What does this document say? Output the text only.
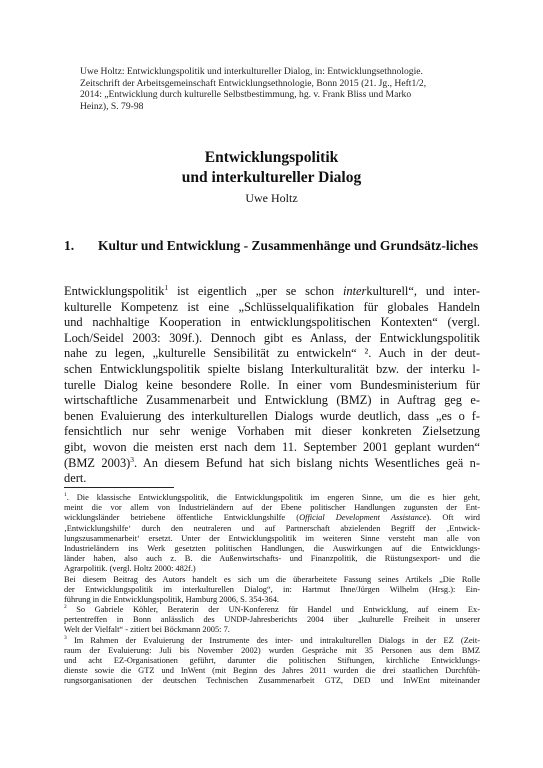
Uwe Holtz: Entwicklungspolitik und interkultureller Dialog, in: Entwicklungsethnologie.
Zeitschrift der Arbeitsgemeinschaft Entwicklungsethnologie, Bonn 2015 (21. Jg., Heft1/2,
2014: „Entwicklung durch kulturelle Selbstbestimmung, hg. v. Frank Bliss und Marko
Heinz), S. 79-98
Entwicklungspolitik
und interkultureller Dialog
Uwe Holtz
1. Kultur und Entwicklung - Zusammenhänge und Grundsätz-liches
Entwicklungspolitik$^1$ ist eigentlich „per se schon interkulturell“, und inter-
kulturelle Kompetenz ist eine „Schlüsselqualifikation für globales Handeln
und nachhaltige Kooperation in entwicklungspolitischen Kontexten“ (vergl.
Loch/Seidel 2003: 309f.). Dennoch gibt es Anlass, der Entwicklungspolitik
nahe zu legen, „kulturelle Sensibilität zu entwickeln“ ². Auch in der deut-
schen Entwicklungspolitik spielte bislang Interkulturalität bzw. der interku l-
turelle Dialog keine besondere Rolle. In einer vom Bundesministerium für
wirtschaftliche Zusammenarbeit und Entwicklung (BMZ) in Auftrag geg e-
benen Evaluierung des interkulturellen Dialogs wurde deutlich, dass „es o f-
fensichtlich nur sehr wenige Vorhaben mit dieser konkreten Zielsetzung
gibt, wovon die meisten erst nach dem 11. September 2001 geplant wurden“
(BMZ 2003)$^3$. An diesem Befund hat sich bislang nichts Wesentliches geä n-
dert.
$^1$. Die klassische Entwicklungspolitik, die Entwicklungspolitik im engeren Sinne, um die es hier geht,
meint die vor allem von Industrieländern auf der Ebene politischer Handlungen zugunsten der Ent-
wicklungsländer betriebene öffentliche Entwicklungshilfe (Official Development Assistance). Oft wird
‚Entwicklungshilfe‘ durch den neutraleren und auf Partnerschaft abzielenden Begriff der ‚Entwick-
lungszusammenarbeit‘ ersetzt. Unter der Entwicklungspolitik im weiteren Sinne versteht man alle von
Industrieländern ins Werk gesetzten politischen Handlungen, die Auswirkungen auf die Entwicklungs-
länder haben, also auch z. B. die Außenwirtschafts- und Finanzpolitik, die Rüstungsexport- und die
Agrarpolitik. (vergl. Holtz 2000: 482f.)
Bei diesem Beitrag des Autors handelt es sich um die überarbeitete Fassung seines Artikels „Die Rolle
der Entwicklungspolitik im interkulturellen Dialog“, in: Hartmut Ihne/Jürgen Wilhelm (Hrsg.): Ein-
führung in die Entwicklungspolitik, Hamburg 2006, S. 354-364.
$^2$ So Gabriele Köhler, Beraterin der UN-Konferenz für Handel und Entwicklung, auf einem Ex-
pertentreffen in Bonn anlässlich des UNDP-Jahresberichts 2004 über „kulturelle Freiheit in unserer
Welt der Vielfalt“ - zitiert bei Böckmann 2005: 7.
$^3$ Im Rahmen der Evaluierung der Instrumente des inter- und intrakulturellen Dialogs in der EZ (Zeit-
raum der Evaluierung: Juli bis November 2002) wurden Gespräche mit 35 Personen aus dem BMZ
und acht EZ-Organisationen geführt, darunter die politischen Stiftungen, kirchliche Entwicklungs-
dienste sowie die GTZ und InWent (mit Beginn des Jahres 2011 wurden die drei staatlichen Durchfüh-
rungsorganisationen der deutschen Technischen Zusammenarbeit GTZ, DED und InWEnt miteinander
